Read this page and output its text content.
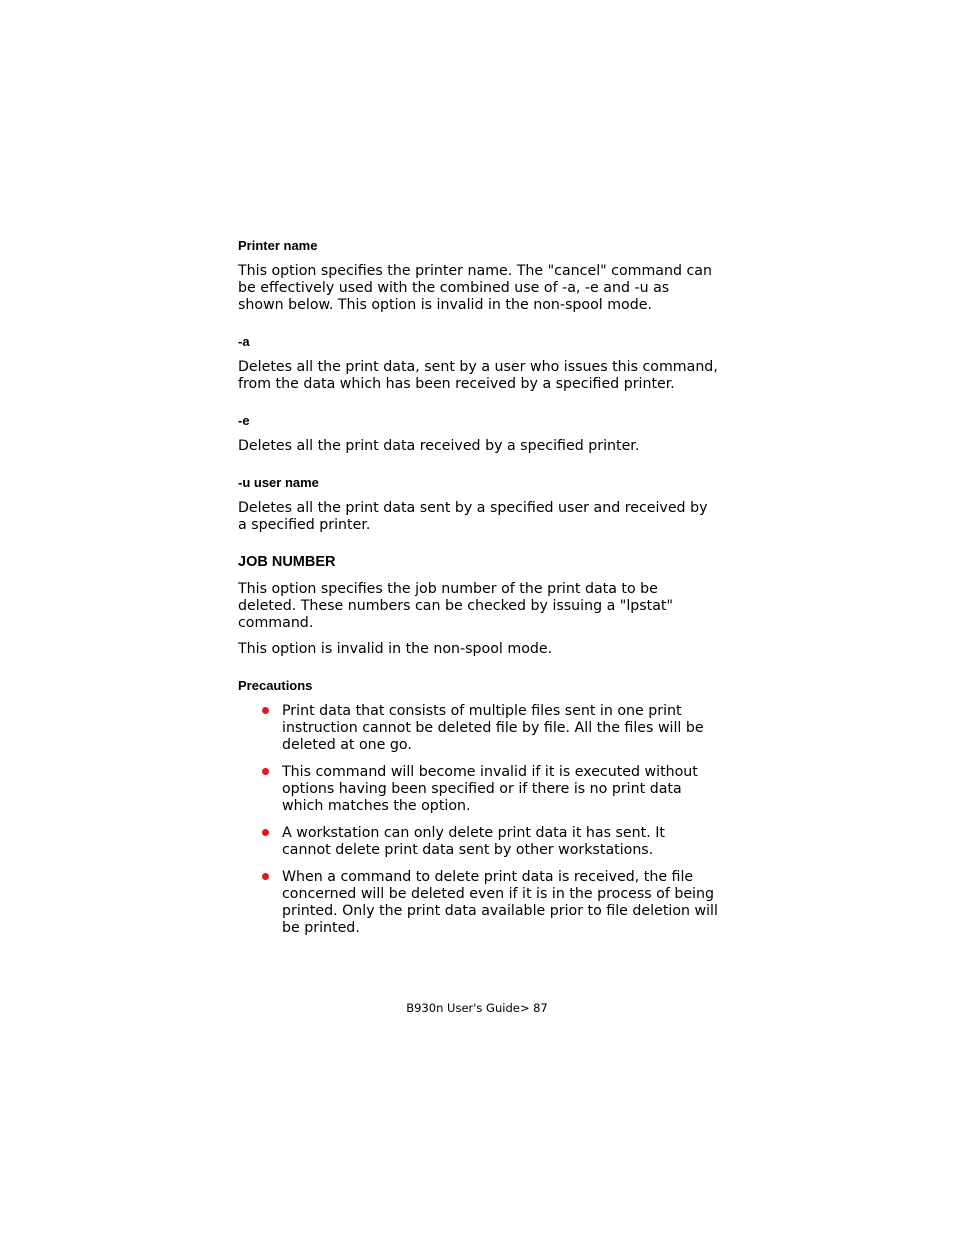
Printer name

This option specifies the printer name. The "cancel" command can be effectively used with the combined use of -a, -e and -u as shown below. This option is invalid in the non-spool mode.

-a

Deletes all the print data, sent by a user who issues this command, from the data which has been received by a specified printer.

-e

Deletes all the print data received by a specified printer.

-u user name

Deletes all the print data sent by a specified user and received by a specified printer.

JOB NUMBER

This option specifies the job number of the print data to be deleted. These numbers can be checked by issuing a "lpstat" command.

This option is invalid in the non-spool mode.

Precautions

Print data that consists of multiple files sent in one print instruction cannot be deleted file by file. All the files will be deleted at one go.
This command will become invalid if it is executed without options having been specified or if there is no print data which matches the option.
A workstation can only delete print data it has sent. It cannot delete print data sent by other workstations.
When a command to delete print data is received, the file concerned will be deleted even if it is in the process of being printed. Only the print data available prior to file deletion will be printed.
B930n User's Guide> 87
